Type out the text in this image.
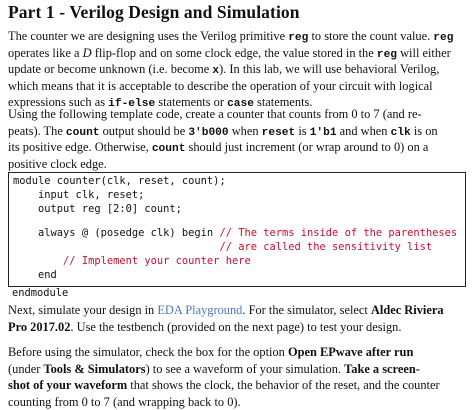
Part 1 - Verilog Design and Simulation
The counter we are designing uses the Verilog primitive reg to store the count value. reg
operates like a D flip-flop and on some clock edge, the value stored in the reg will either
update or become unknown (i.e. become x). In this lab, we will use behavioral Verilog,
which means that it is acceptable to describe the operation of your circuit with logical
expressions such as if-else statements or case statements.
Using the following template code, create a counter that counts from 0 to 7 (and re-
peats). The count output should be 3'b000 when reset is 1'b1 and when clk is on
its positive edge. Otherwise, count should just increment (or wrap around to 0) on a
positive clock edge.
module counter(clk, reset, count);
input clk, reset;
output reg [2:0] count;
always @ (posedge clk) begin // The terms inside of the parentheses
// are called the sensitivity list
// Implement your counter here
end
endmodule
Next, simulate your design in EDA Playground. For the simulator, select Aldec Riviera
Pro 2017.02. Use the testbench (provided on the next page) to test your design.
Before using the simulator, check the box for the option Open EPwave after run
(under Tools & Simulators) to see a waveform of your simulation. Take a screen-
shot of your waveform that shows the clock, the behavior of the reset, and the counter
counting from 0 to 7 (and wrapping back to 0).
